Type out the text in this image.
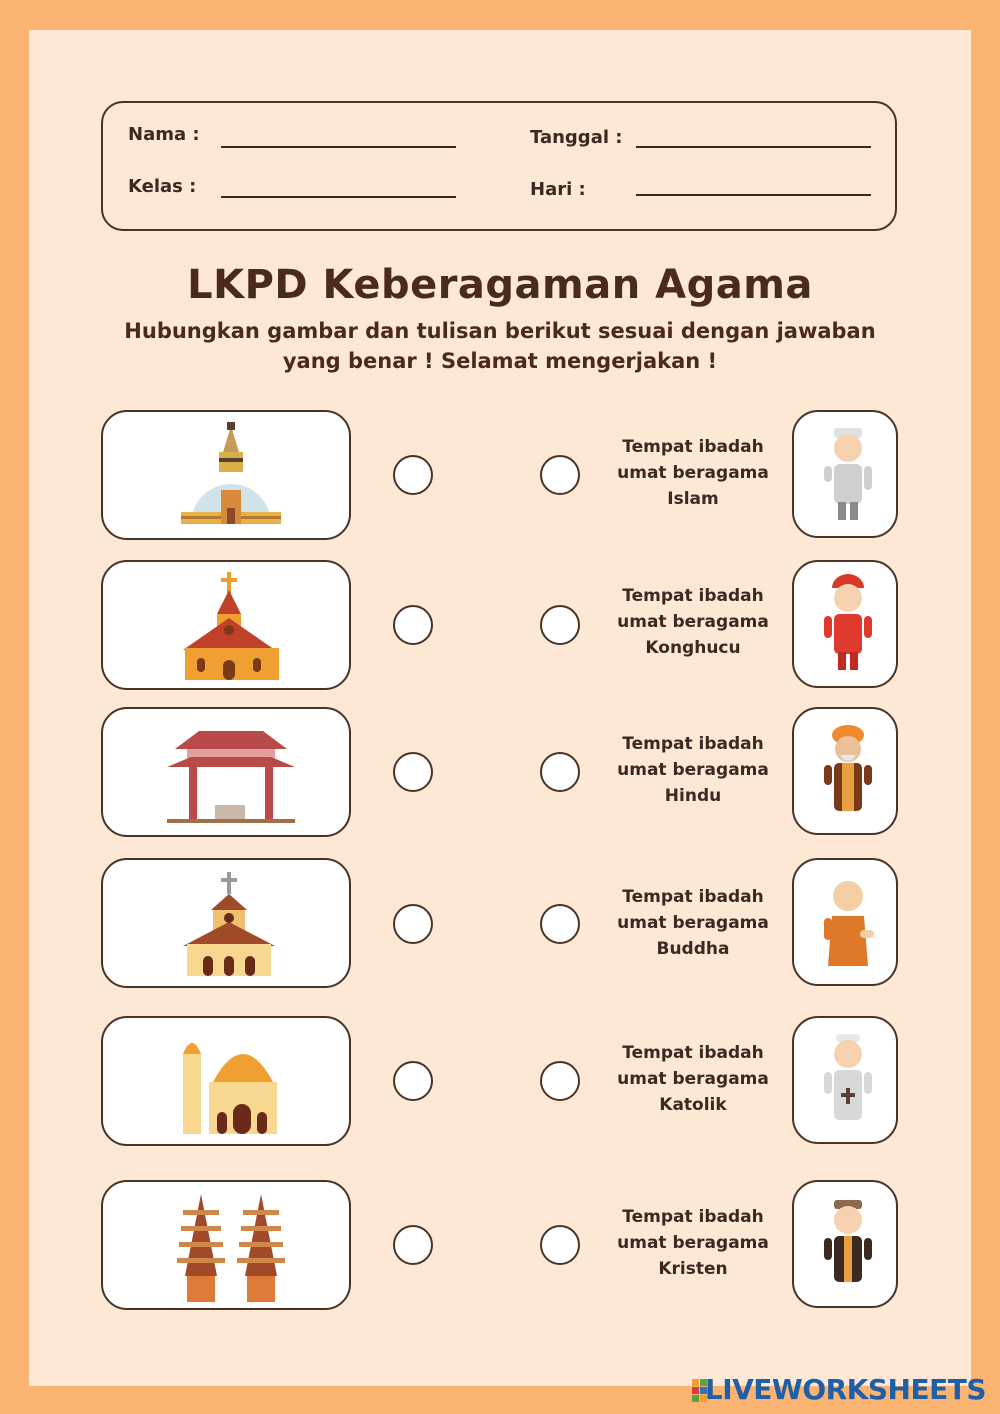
Nama :
Kelas :
Tanggal :
Hari :
LKPD Keberagaman Agama
Hubungkan gambar dan tulisan berikut sesuai dengan jawaban
yang benar ! Selamat mengerjakan !
Tempat ibadah
umat beragama
Islam
Tempat ibadah
umat beragama
Konghucu
Tempat ibadah
umat beragama
Hindu
Tempat ibadah
umat beragama
Buddha
Tempat ibadah
umat beragama
Katolik
Tempat ibadah
umat beragama
Kristen
LIVEWORKSHEETS
